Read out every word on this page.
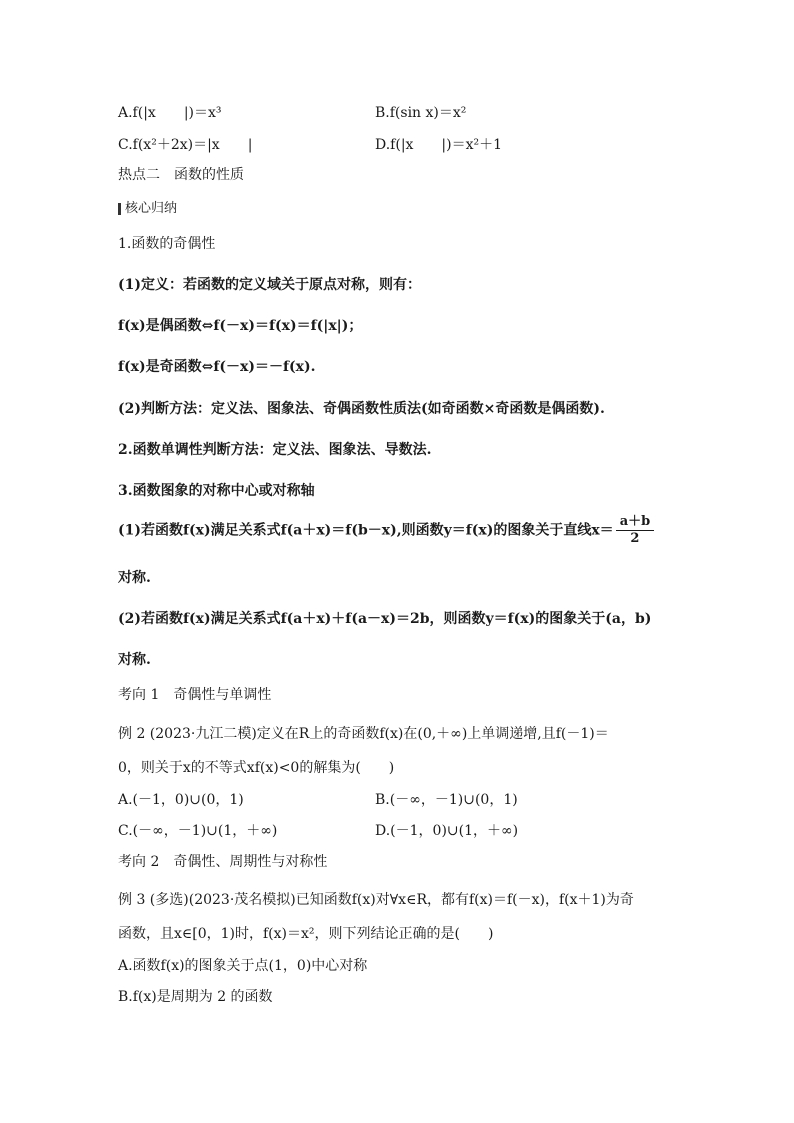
A.f(|x　　|)＝x³	B.f(sin x)＝x²
C.f(x²＋2x)＝|x　　|	D.f(|x　　|)＝x²＋1
热点二　函数的性质
核心归纳
1.函数的奇偶性
(1)定义：若函数的定义域关于原点对称，则有：
f(x)是偶函数⇔f(－x)＝f(x)＝f(|x|)；
f(x)是奇函数⇔f(－x)＝－f(x).
(2)判断方法：定义法、图象法、奇偶函数性质法(如奇函数×奇函数是偶函数).
2.函数单调性判断方法：定义法、图象法、导数法.
3.函数图象的对称中心或对称轴
(1)若函数f(x)满足关系式f(a＋x)＝f(b－x),则函数y＝f(x)的图象关于直线$x= \frac{a+b}{2}$
对称.
(2)若函数f(x)满足关系式f(a＋x)＋f(a－x)＝2b，则函数y＝f(x)的图象关于(a，b)
对称.
考向 1　奇偶性与单调性
例 2 (2023·九江二模)定义在R上的奇函数f(x)在(0,＋∞)上单调递增,且f(－1)＝
0，则关于x的不等式xf(x)<0的解集为(　　)
A.(－1，0)∪(0，1)	B.(－∞，－1)∪(0，1)
C.(－∞，－1)∪(1，＋∞)	D.(－1，0)∪(1，＋∞)
考向 2　奇偶性、周期性与对称性
例 3 (多选)(2023·茂名模拟)已知函数f(x)对∀x∈R，都有f(x)＝f(－x)，f(x＋1)为奇
函数，且x∈[0，1)时，f(x)＝x²，则下列结论正确的是(　　)
A.函数f(x)的图象关于点(1，0)中心对称
B.f(x)是周期为 2 的函数
